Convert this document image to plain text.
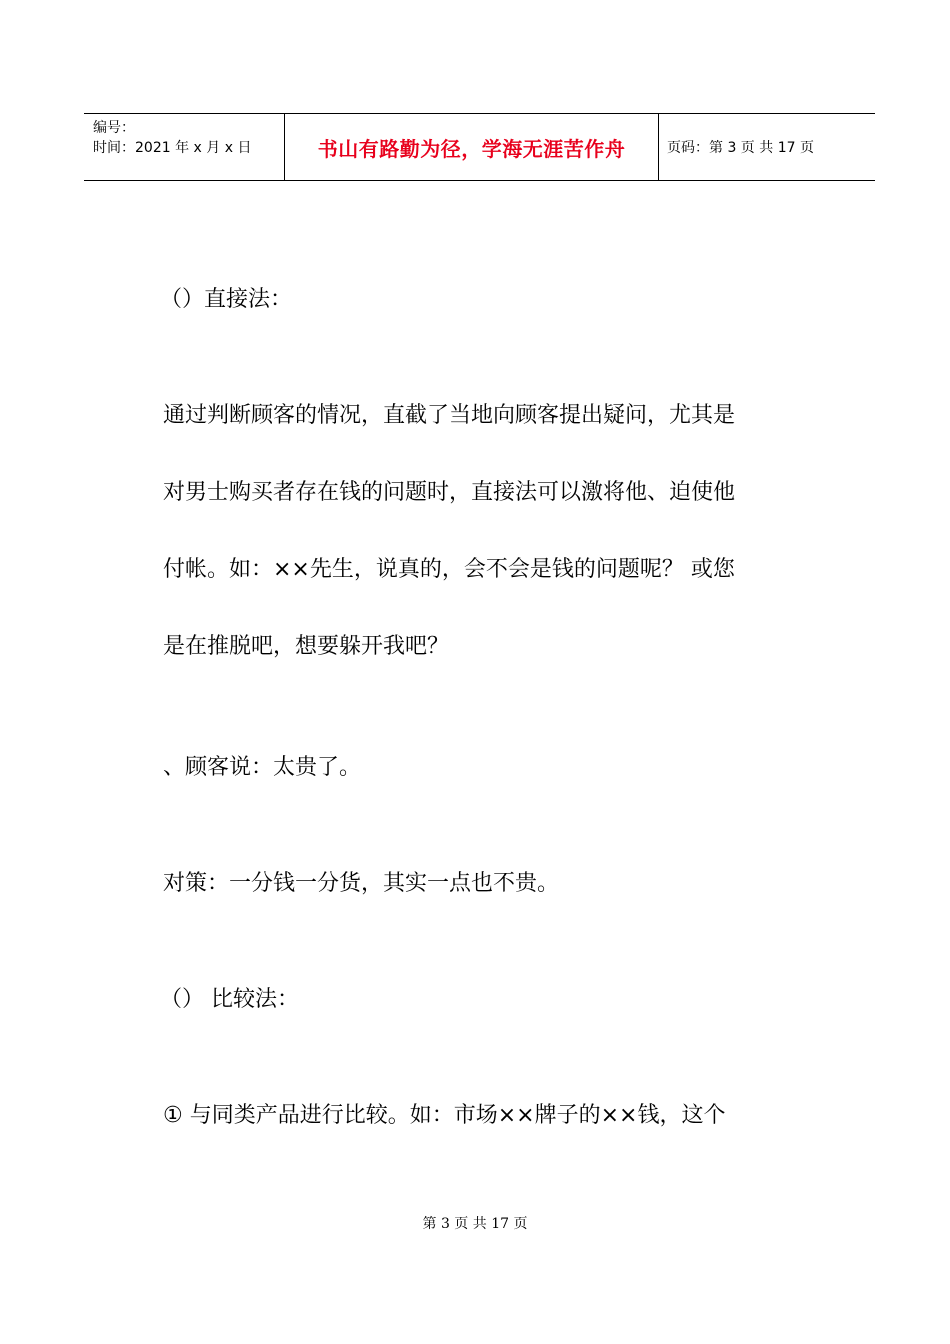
编号：
时间：2021 年 x 月 x 日	书山有路勤为径，学海无涯苦作舟	页码：第 3 页 共 17 页
（）直接法：
通过判断顾客的情况，直截了当地向顾客提出疑问，尤其是
对男士购买者存在钱的问题时，直接法可以激将他、迫使他
付帐。如：××先生，说真的，会不会是钱的问题呢？ 或您
是在推脱吧，想要躲开我吧？
、顾客说：太贵了。
对策：一分钱一分货，其实一点也不贵。
（） 比较法：
① 与同类产品进行比较。如：市场××牌子的××钱，这个
第 3 页 共 17 页
